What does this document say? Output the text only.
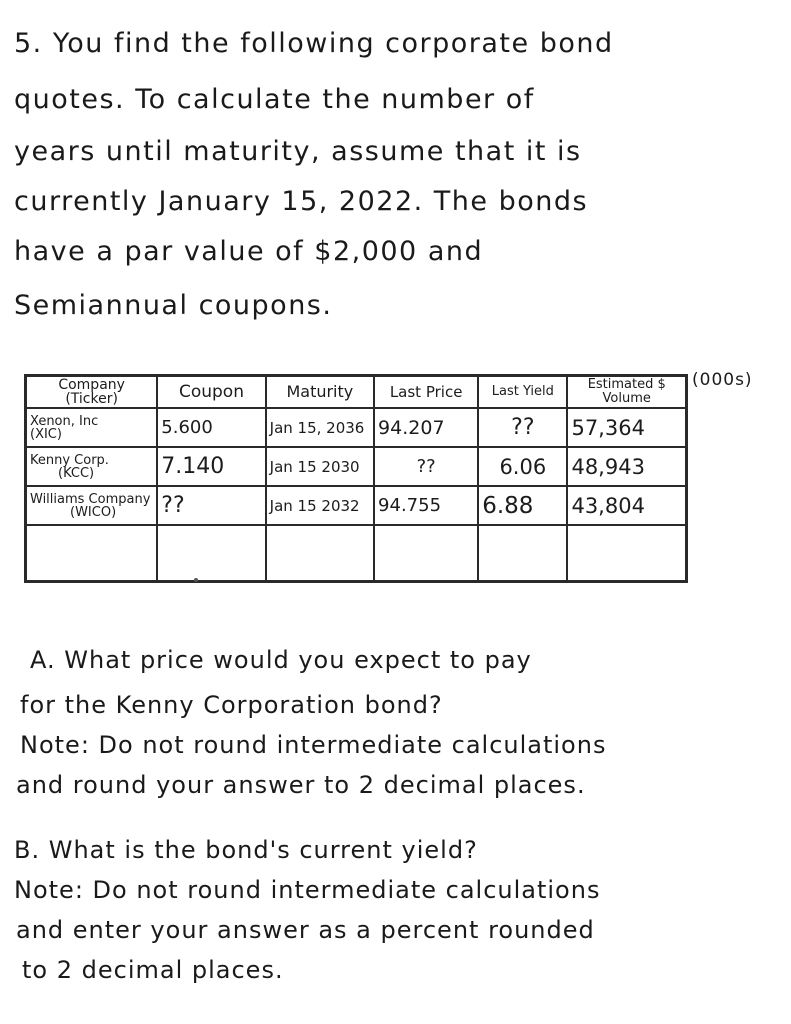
5. You find the following corporate bond

quotes. To calculate the number of

years until maturity, assume that it is

currently January 15, 2022. The bonds

have a par value of $2,000 and

Semiannual coupons.

Company (Ticker)	Coupon	Maturity	Last Price	Last Yield	Estimated $ Volume

Xenon, Inc
(XIC)	5.600	Jan 15, 2036	94.207	??	57,364

Kenny Corp.
(KCC)	7.140	Jan 15 2030	??	6.06	48,943

Williams Company
(WICO)	??	Jan 15 2032	94.755	6.88	43,804

(000s)

A. What price would you expect to pay

for the Kenny Corporation bond?

Note: Do not round intermediate calculations

and round your answer to 2 decimal places.

B. What is the bond's current yield?

Note: Do not round intermediate calculations

and enter your answer as a percent rounded

to 2 decimal places.
